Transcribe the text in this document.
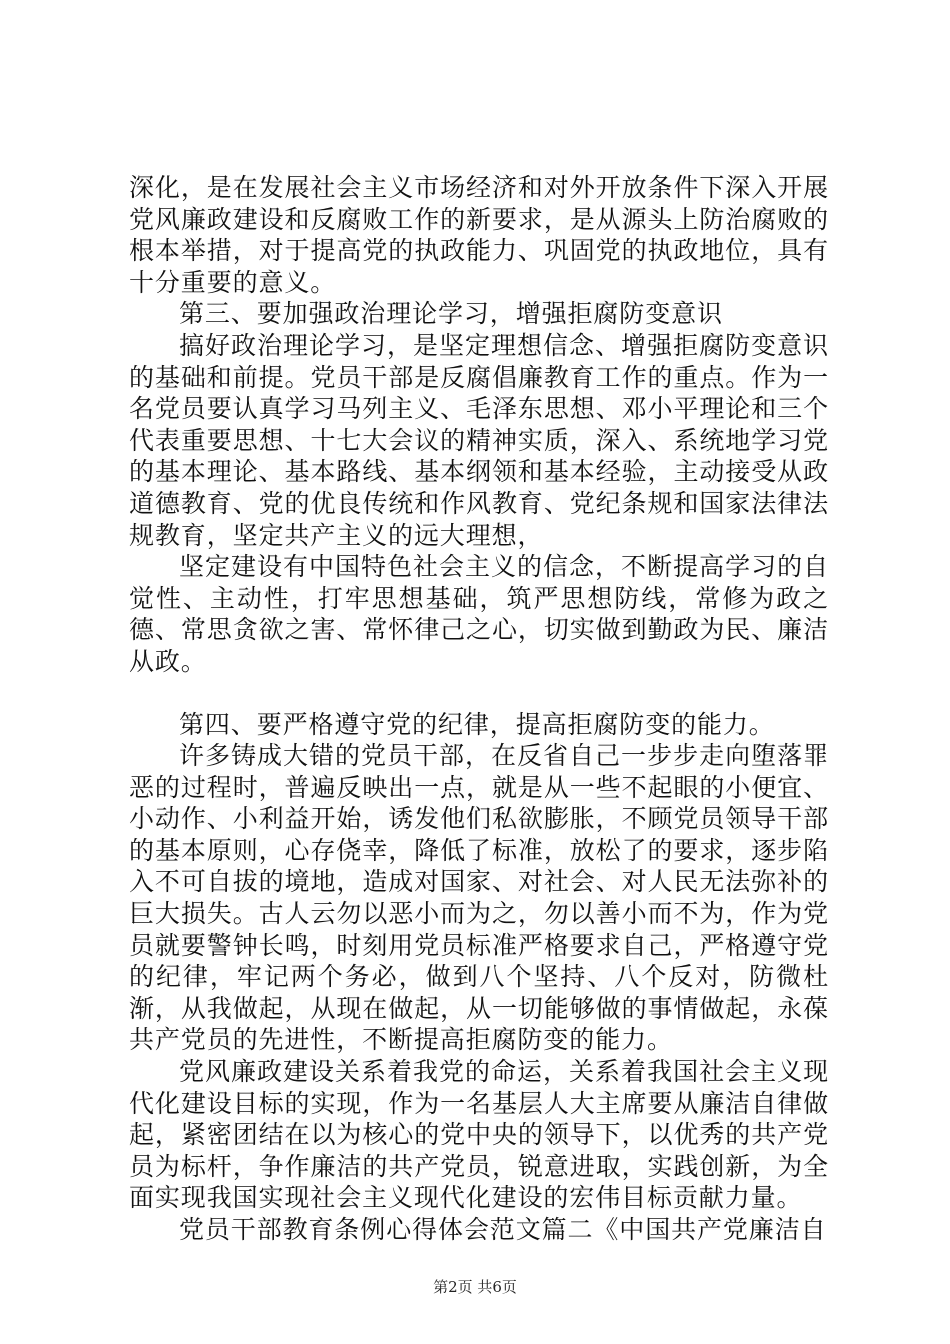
深化，是在发展社会主义市场经济和对外开放条件下深入开展党风廉政建设和反腐败工作的新要求，是从源头上防治腐败的根本举措，对于提高党的执政能力、巩固党的执政地位，具有十分重要的意义。

第三、要加强政治理论学习，增强拒腐防变意识

搞好政治理论学习，是坚定理想信念、增强拒腐防变意识的基础和前提。党员干部是反腐倡廉教育工作的重点。作为一名党员要认真学习马列主义、毛泽东思想、邓小平理论和三个代表重要思想、十七大会议的精神实质，深入、系统地学习党的基本理论、基本路线、基本纲领和基本经验，主动接受从政道德教育、党的优良传统和作风教育、党纪条规和国家法律法规教育，坚定共产主义的远大理想，

坚定建设有中国特色社会主义的信念，不断提高学习的自觉性、主动性，打牢思想基础，筑严思想防线，常修为政之德、常思贪欲之害、常怀律己之心，切实做到勤政为民、廉洁从政。

第四、要严格遵守党的纪律，提高拒腐防变的能力。

许多铸成大错的党员干部，在反省自己一步步走向堕落罪恶的过程时，普遍反映出一点，就是从一些不起眼的小便宜、小动作、小利益开始，诱发他们私欲膨胀，不顾党员领导干部的基本原则，心存侥幸，降低了标准，放松了的要求，逐步陷入不可自拔的境地，造成对国家、对社会、对人民无法弥补的巨大损失。古人云勿以恶小而为之，勿以善小而不为，作为党员就要警钟长鸣，时刻用党员标准严格要求自己，严格遵守党的纪律，牢记两个务必，做到八个坚持、八个反对，防微杜渐，从我做起，从现在做起，从一切能够做的事情做起，永葆共产党员的先进性，不断提高拒腐防变的能力。

党风廉政建设关系着我党的命运，关系着我国社会主义现代化建设目标的实现，作为一名基层人大主席要从廉洁自律做起，紧密团结在以为核心的党中央的领导下，以优秀的共产党员为标杆，争作廉洁的共产党员，锐意进取，实践创新，为全面实现我国实现社会主义现代化建设的宏伟目标贡献力量。

党员干部教育条例心得体会范文篇二《中国共产党廉洁自

第2页 共6页
